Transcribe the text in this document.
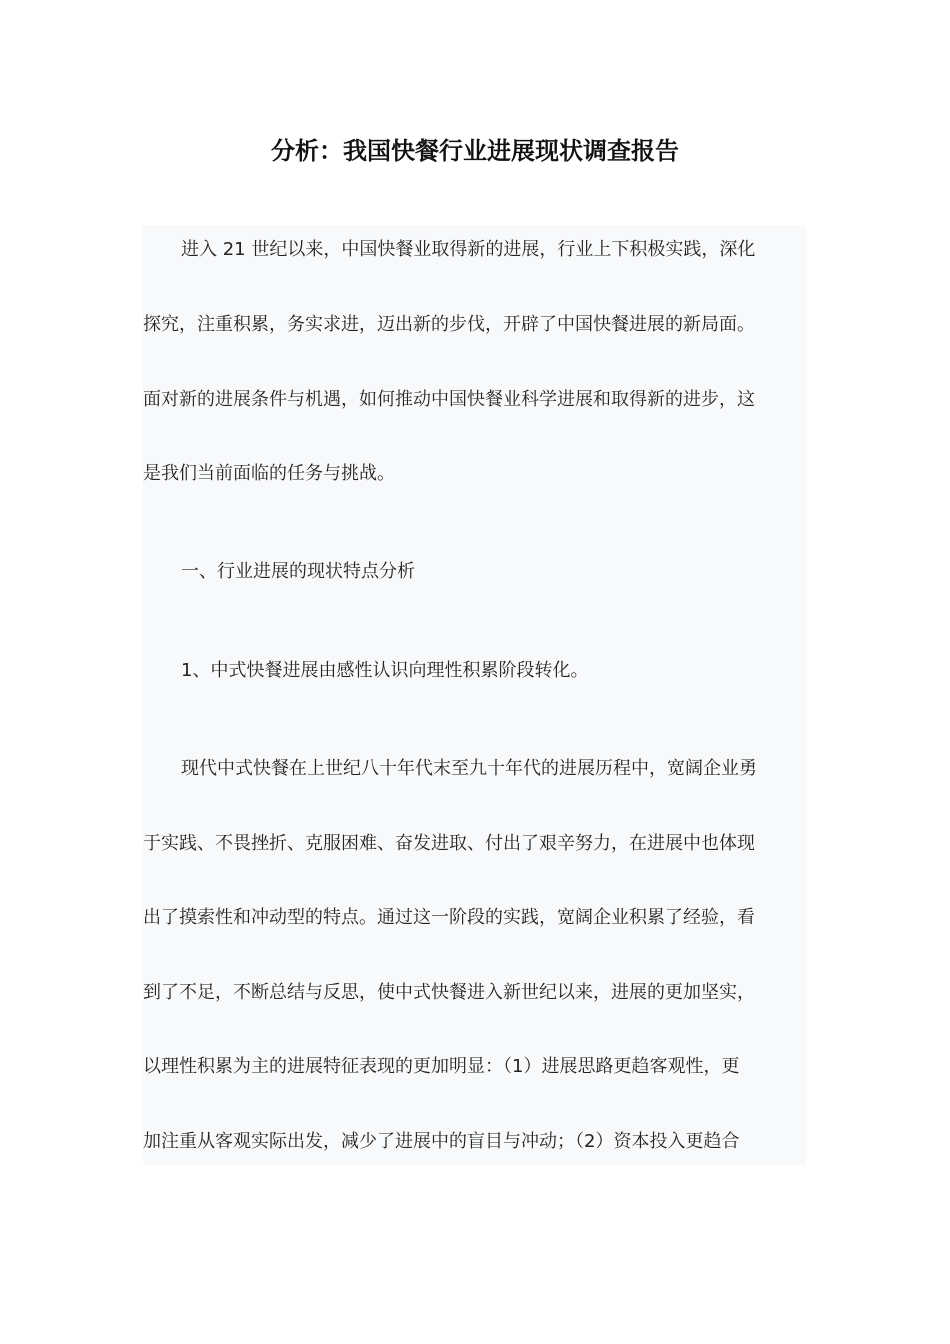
分析：我国快餐行业进展现状调查报告

进入 21 世纪以来，中国快餐业取得新的进展，行业上下积极实践，深化

探究，注重积累，务实求进，迈出新的步伐，开辟了中国快餐进展的新局面。

面对新的进展条件与机遇，如何推动中国快餐业科学进展和取得新的进步，这

是我们当前面临的任务与挑战。

一、行业进展的现状特点分析

1、中式快餐进展由感性认识向理性积累阶段转化。

现代中式快餐在上世纪八十年代末至九十年代的进展历程中，宽阔企业勇

于实践、不畏挫折、克服困难、奋发进取、付出了艰辛努力，在进展中也体现

出了摸索性和冲动型的特点。通过这一阶段的实践，宽阔企业积累了经验，看

到了不足，不断总结与反思，使中式快餐进入新世纪以来，进展的更加坚实，

以理性积累为主的进展特征表现的更加明显：（1）进展思路更趋客观性，更

加注重从客观实际出发，减少了进展中的盲目与冲动；（2）资本投入更趋合
